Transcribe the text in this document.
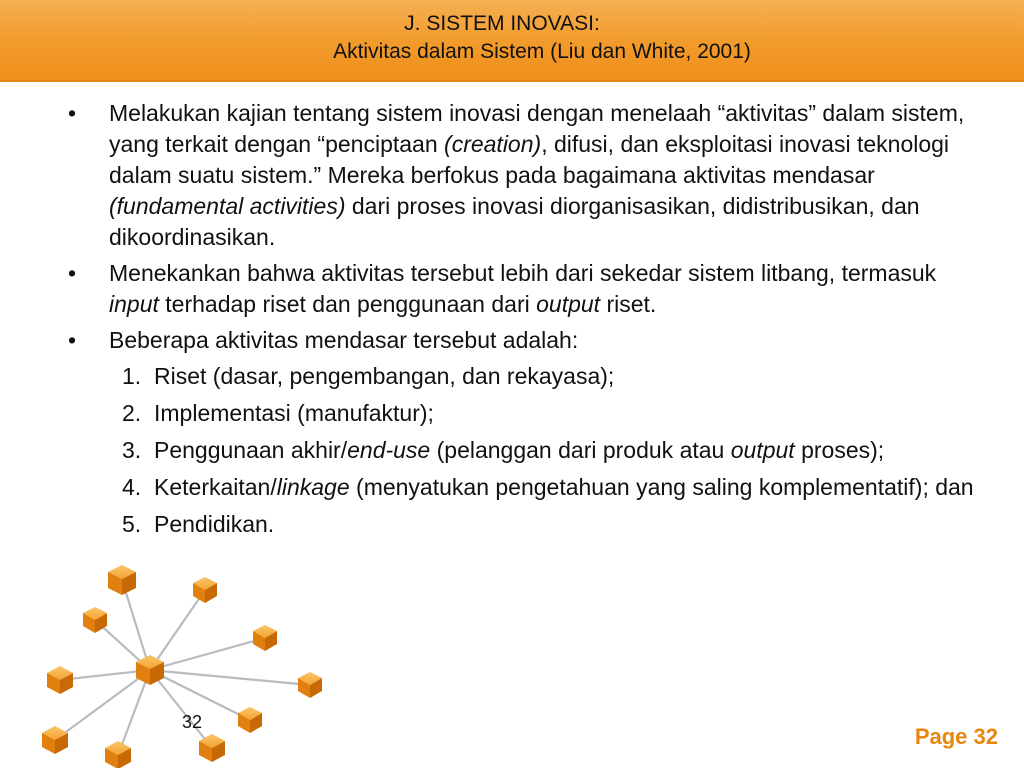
J. SISTEM INOVASI:
Aktivitas dalam Sistem (Liu dan White, 2001)
• Melakukan kajian tentang sistem inovasi dengan menelaah “aktivitas” dalam sistem, yang terkait dengan “penciptaan (creation), difusi, dan eksploitasi inovasi teknologi dalam suatu sistem.” Mereka berfokus pada bagaimana aktivitas mendasar (fundamental activities) dari proses inovasi diorganisasikan, didistribusikan, dan dikoordinasikan.
• Menekankan bahwa aktivitas tersebut lebih dari sekedar sistem litbang, termasuk input terhadap riset dan penggunaan dari output riset.
• Beberapa aktivitas mendasar tersebut adalah:
1. Riset (dasar, pengembangan, dan rekayasa);
2. Implementasi (manufaktur);
3. Penggunaan akhir/end-use (pelanggan dari produk atau output proses);
4. Keterkaitan/linkage (menyatukan pengetahuan yang saling komplementatif); dan
5. Pendidikan.
32
Page 32
